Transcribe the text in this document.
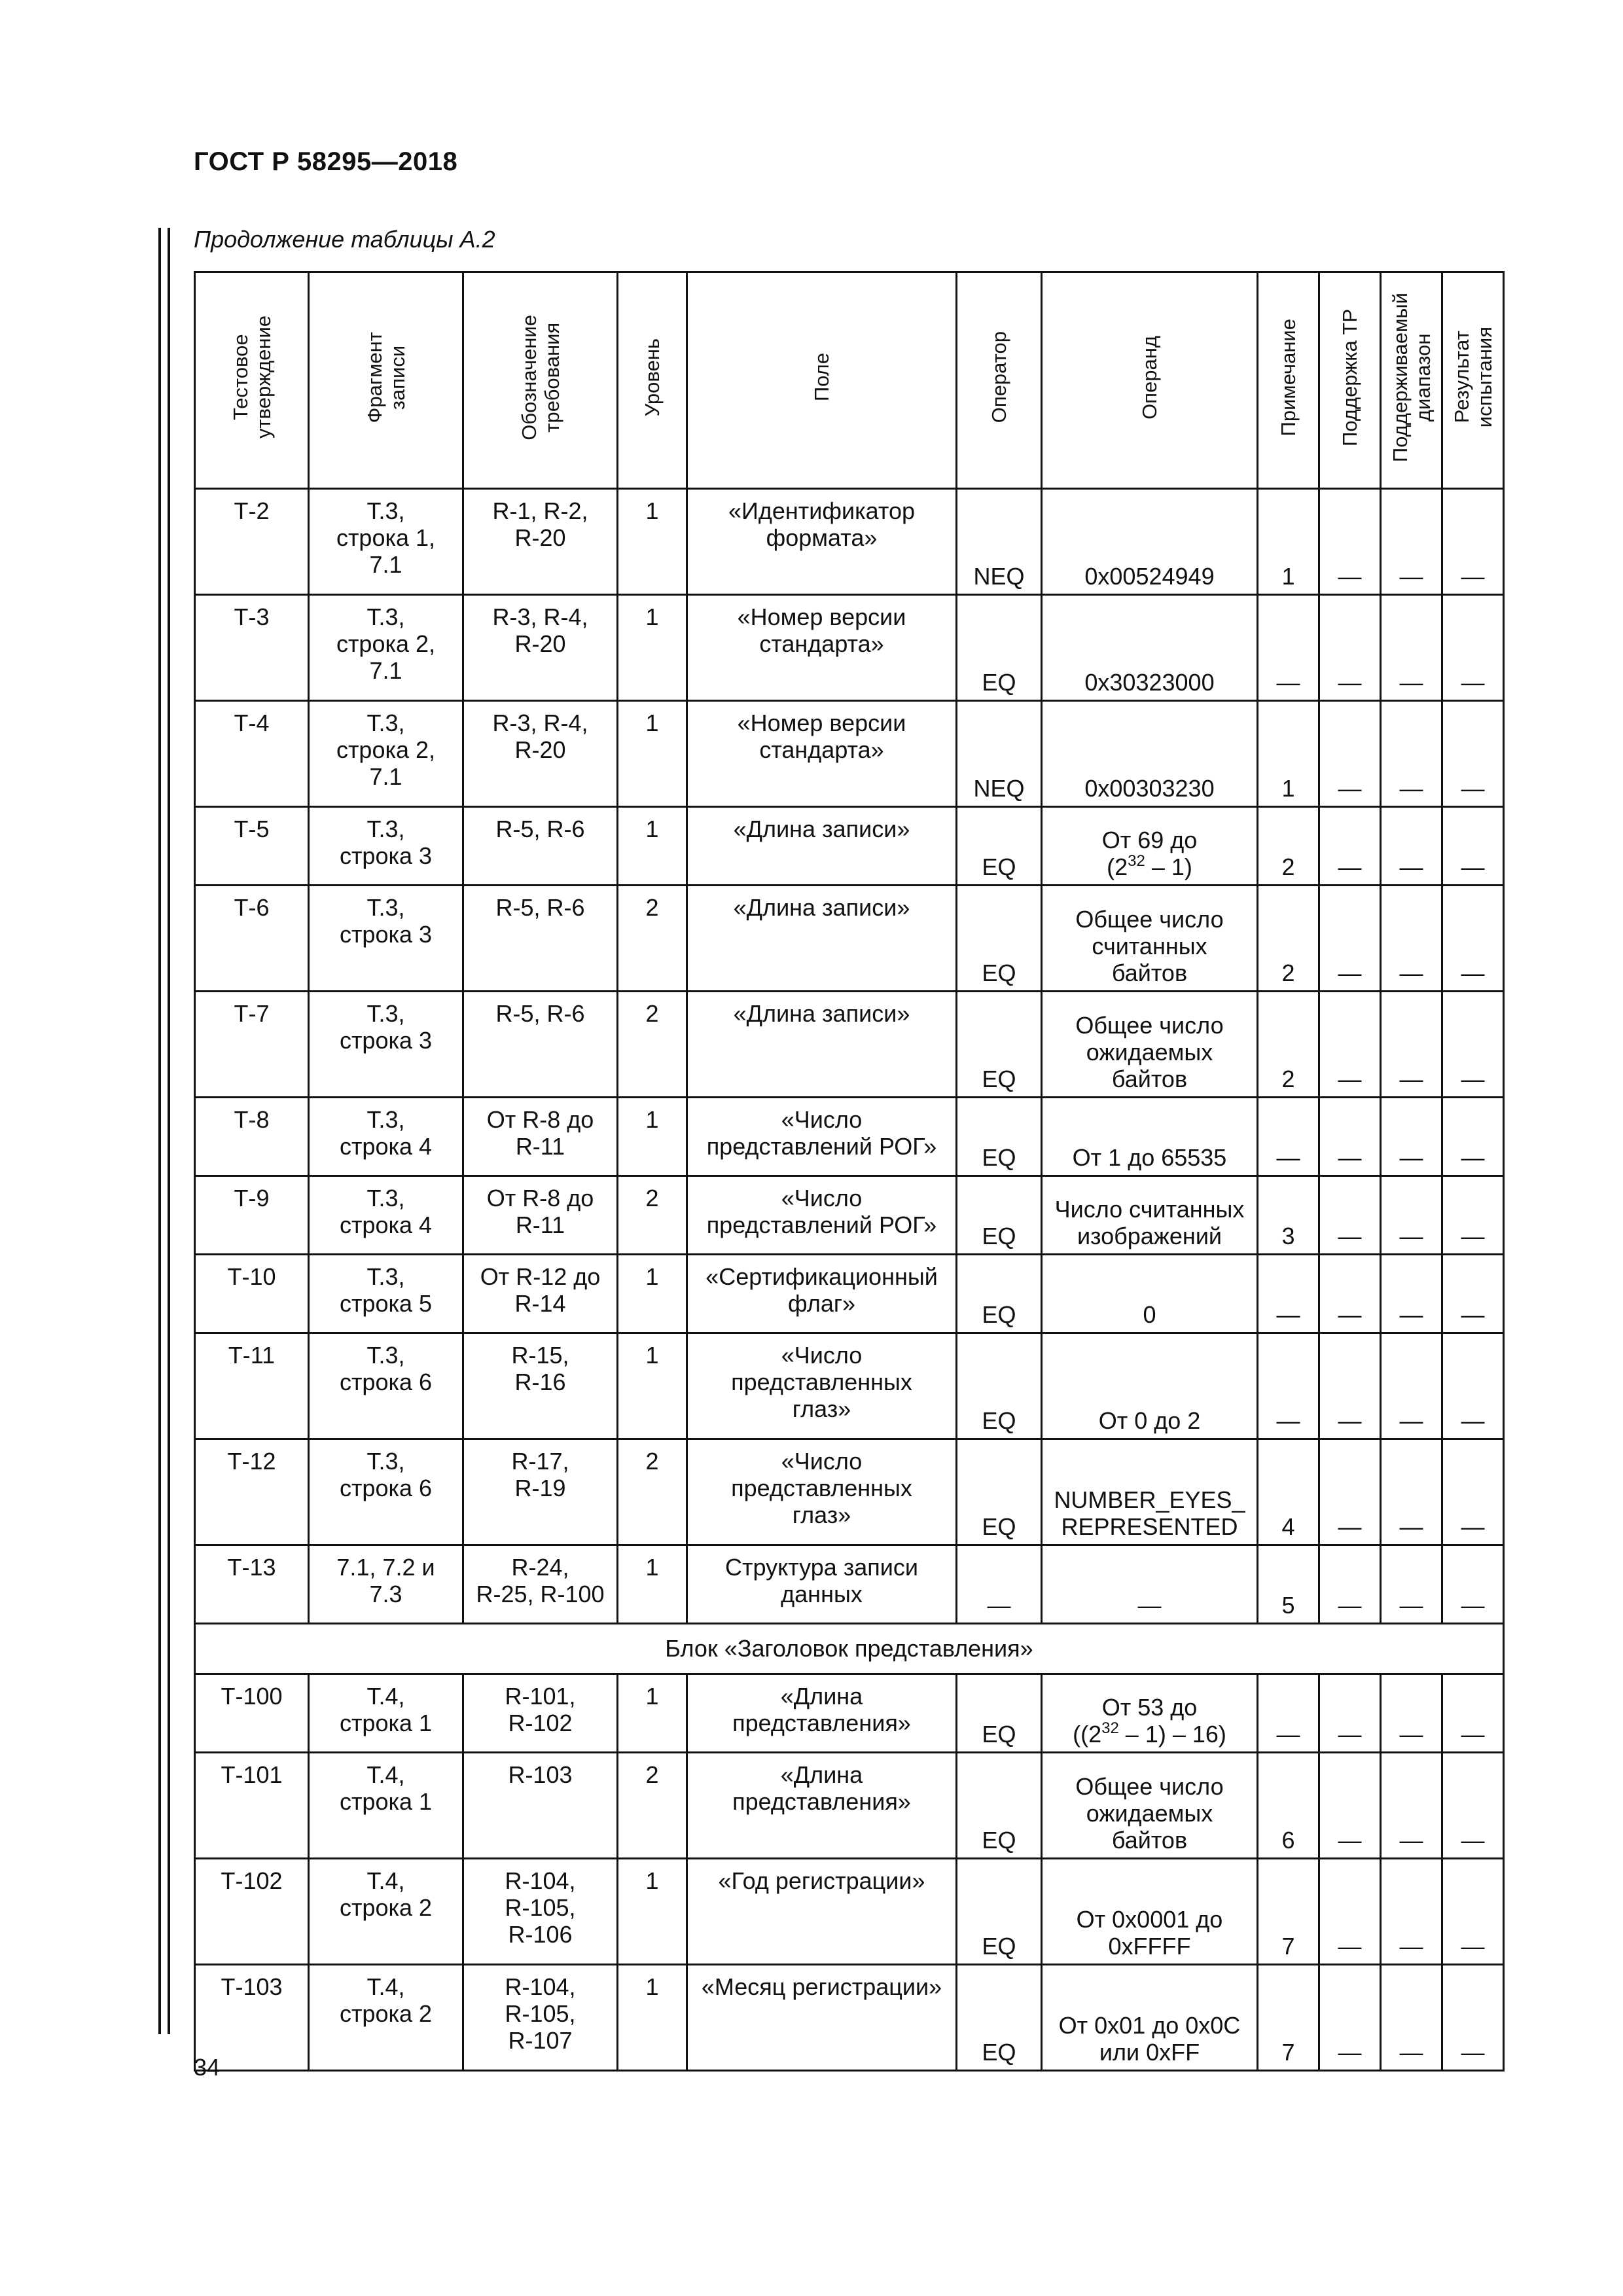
ГОСТ Р 58295—2018
Продолжение таблицы А.2
Тестовое утверждение	Фрагмент записи	Обозначение требования	Уровень	Поле	Оператор	Операнд	Примечание	Поддержка ТР	Поддерживаемый диапазон	Результат испытания

Т-2	Т.3,
строка 1,
7.1	R-1, R-2,
R-20	1	«Идентификатор
формата»	NEQ	0x00524949	1	—	—	—

Т-3	Т.3,
строка 2,
7.1	R-3, R-4,
R-20	1	«Номер версии
стандарта»	EQ	0x30323000	—	—	—	—

Т-4	Т.3,
строка 2,
7.1	R-3, R-4,
R-20	1	«Номер версии
стандарта»	NEQ	0x00303230	1	—	—	—

Т-5	Т.3,
строка 3	R-5, R-6	1	«Длина записи»	EQ	От 69 до
$(2^{32} - 1)$	2	—	—	—

Т-6	Т.3,
строка 3	R-5, R-6	2	«Длина записи»	EQ	Общее число
считанных
байтов	2	—	—	—

Т-7	Т.3,
строка 3	R-5, R-6	2	«Длина записи»	EQ	Общее число
ожидаемых
байтов	2	—	—	—

Т-8	Т.3,
строка 4	От R-8 до
R-11	1	«Число
представлений РОГ»	EQ	От 1 до 65535	—	—	—	—

Т-9	Т.3,
строка 4	От R-8 до
R-11	2	«Число
представлений РОГ»	EQ	Число считанных
изображений	3	—	—	—

Т-10	Т.3,
строка 5	От R-12 до
R-14	1	«Сертификационный
флаг»	EQ	0	—	—	—	—

Т-11	Т.3,
строка 6	R-15,
R-16	1	«Число
представленных
глаз»	EQ	От 0 до 2	—	—	—	—

Т-12	Т.3,
строка 6	R-17,
R-19	2	«Число
представленных
глаз»	EQ	NUMBER_EYES_
REPRESENTED	4	—	—	—

Т-13	7.1, 7.2 и
7.3	R-24,
R-25, R-100	1	Структура записи
данных	—	—	5	—	—	—

Блок «Заголовок представления»										

Т-100	Т.4,
строка 1	R-101,
R-102	1	«Длина
представления»	EQ	От 53 до
$((2^{32} - 1) - 16)$	—	—	—	—

Т-101	Т.4,
строка 1	R-103	2	«Длина
представления»	EQ	Общее число
ожидаемых
байтов	6	—	—	—

Т-102	Т.4,
строка 2	R-104,
R-105,
R-106	1	«Год регистрации»	EQ	От 0x0001 до
0xFFFF	7	—	—	—

Т-103	Т.4,
строка 2	R-104,
R-105,
R-107	1	«Месяц регистрации»	EQ	От 0x01 до 0x0C
или 0xFF	7	—	—	—
34
